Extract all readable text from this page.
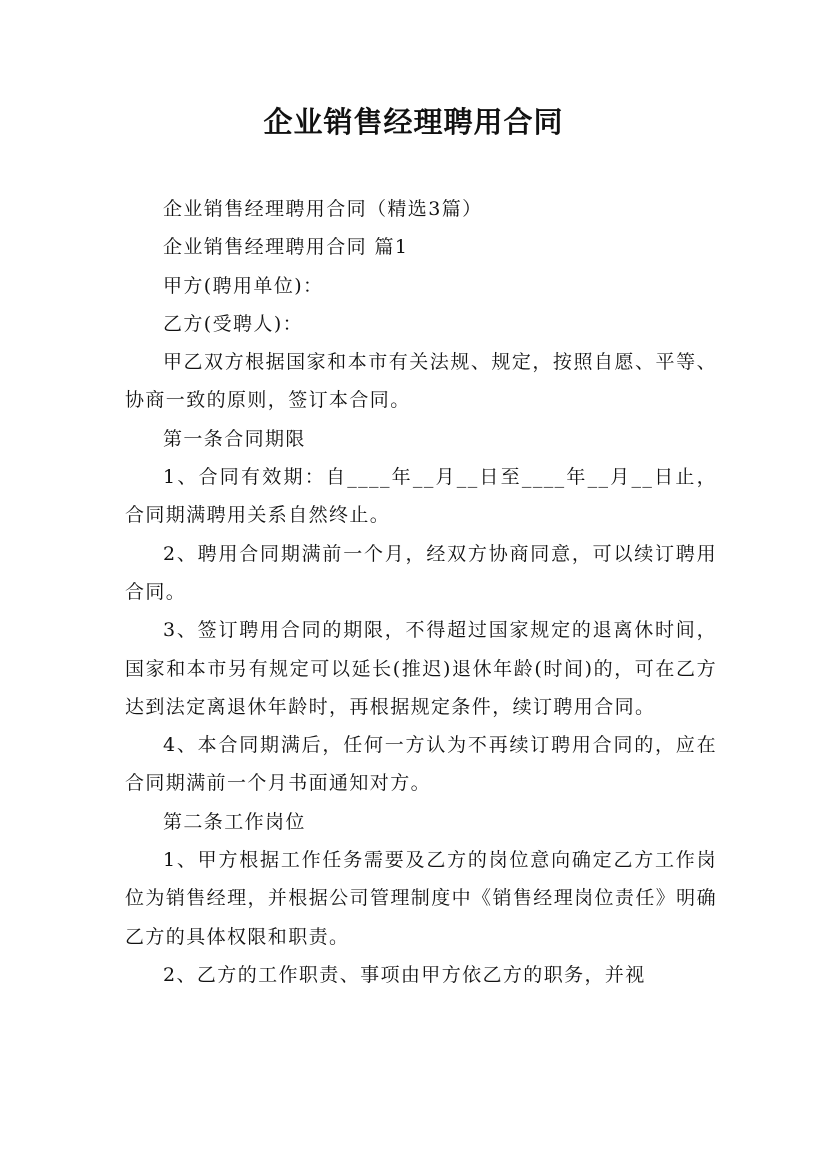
企业销售经理聘用合同

企业销售经理聘用合同（精选3篇）

企业销售经理聘用合同 篇1

甲方(聘用单位)：

乙方(受聘人)：

甲乙双方根据国家和本市有关法规、规定，按照自愿、平等、协商一致的原则，签订本合同。

第一条合同期限

1、合同有效期：自____年__月__日至____年__月__日止，合同期满聘用关系自然终止。

2、聘用合同期满前一个月，经双方协商同意，可以续订聘用合同。

3、签订聘用合同的期限，不得超过国家规定的退离休时间，国家和本市另有规定可以延长(推迟)退休年龄(时间)的，可在乙方达到法定离退休年龄时，再根据规定条件，续订聘用合同。

4、本合同期满后，任何一方认为不再续订聘用合同的，应在合同期满前一个月书面通知对方。

第二条工作岗位

1、甲方根据工作任务需要及乙方的岗位意向确定乙方工作岗位为销售经理，并根据公司管理制度中《销售经理岗位责任》明确乙方的具体权限和职责。

2、乙方的工作职责、事项由甲方依乙方的职务，并视
